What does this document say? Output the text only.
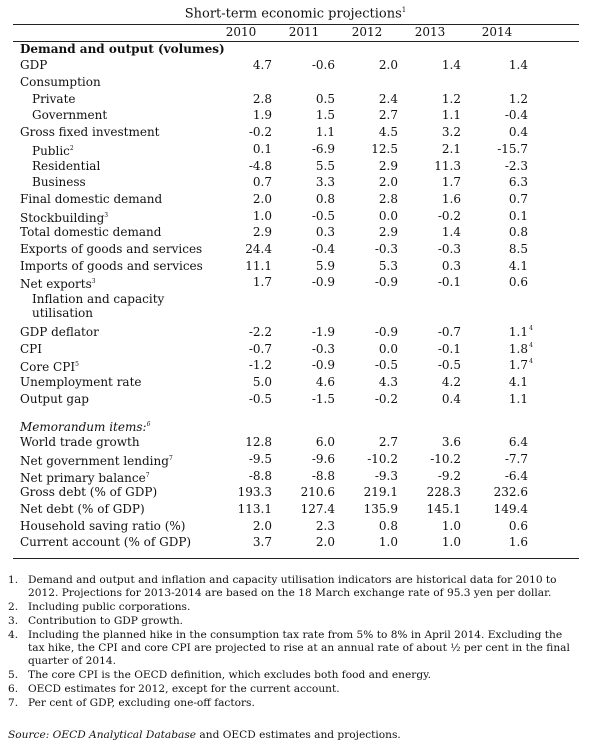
Short-term economic projections$^1$
2010	2011	2012	2013	2014
Demand and output (volumes)
GDP	4.7	-0.6	2.0	1.4	1.4
Consumption
Private	2.8	0.5	2.4	1.2	1.2
Government	1.9	1.5	2.7	1.1	-0.4
Gross fixed investment	-0.2	1.1	4.5	3.2	0.4
Public$^2$	0.1	-6.9	12.5	2.1	-15.7
Residential	-4.8	5.5	2.9	11.3	-2.3
Business	0.7	3.3	2.0	1.7	6.3
Final domestic demand	2.0	0.8	2.8	1.6	0.7
Stockbuilding$^3$	1.0	-0.5	0.0	-0.2	0.1
Total domestic demand	2.9	0.3	2.9	1.4	0.8
Exports of goods and services	24.4	-0.4	-0.3	-0.3	8.5
Imports of goods and services	11.1	5.9	5.3	0.3	4.1
Net exports$^3$	1.7	-0.9	-0.9	-0.1	0.6
Inflation and capacity
utilisation
GDP deflator	-2.2	-1.9	-0.9	-0.7	1.1 4
CPI	-0.7	-0.3	0.0	-0.1	1.8 4
Core CPI$^5$	-1.2	-0.9	-0.5	-0.5	1.7 4
Unemployment rate	5.0	4.6	4.3	4.2	4.1
Output gap	-0.5	-1.5	-0.2	0.4	1.1
Memorandum items:$^6$
World trade growth	12.8	6.0	2.7	3.6	6.4
Net government lending$^7$	-9.5	-9.6	-10.2	-10.2	-7.7
Net primary balance$^7$	-8.8	-8.8	-9.3	-9.2	-6.4
Gross debt (% of GDP)	193.3 210.6 219.1 228.3	232.6
Net debt (% of GDP)	113.1 127.4 135.9 145.1	149.4
Household saving ratio (%)	2.0	2.3	0.8	1.0	0.6
Current account (% of GDP)	3.7	2.0	1.0	1.0	1.6
1. Demand and output and inflation and capacity utilisation indicators are historical data for 2010 to 2012. Projections for 2013-2014 are based on the 18 March exchange rate of 95.3 yen per dollar.
2. Including public corporations.
3. Contribution to GDP growth.
4. Including the planned hike in the consumption tax rate from 5% to 8% in April 2014. Excluding the tax hike, the CPI and core CPI are projected to rise at an annual rate of about ½ per cent in the final quarter of 2014.
5. The core CPI is the OECD definition, which excludes both food and energy.
6. OECD estimates for 2012, except for the current account.
7. Per cent of GDP, excluding one-off factors.
Source: OECD Analytical Database and OECD estimates and projections.
